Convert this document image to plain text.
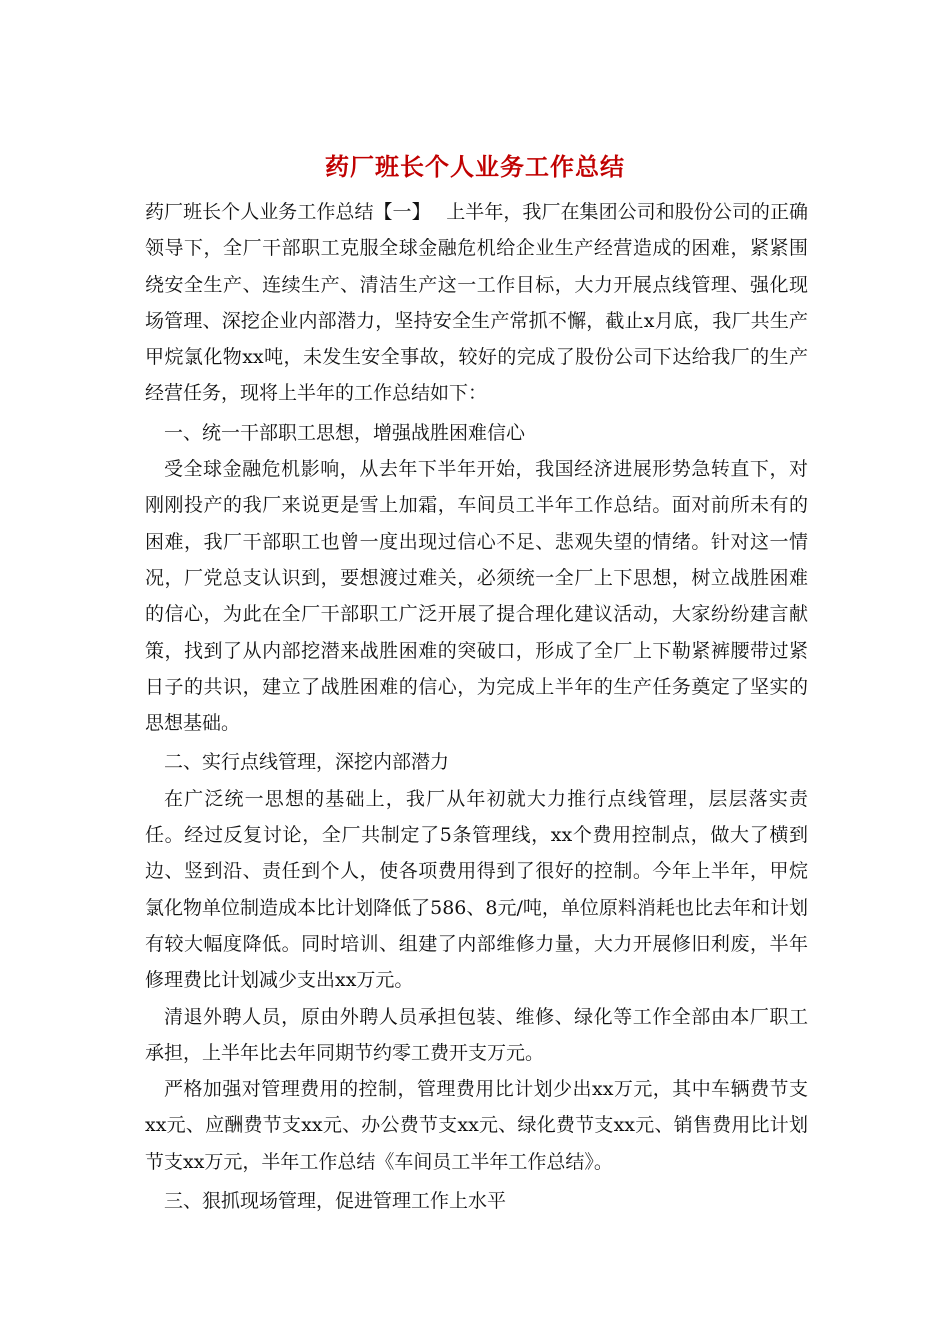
药厂班长个人业务工作总结

药厂班长个人业务工作总结【一】　 上半年，我厂在集团公司和股份公司的正确领导下，全厂干部职工克服全球金融危机给企业生产经营造成的困难，紧紧围绕安全生产、连续生产、清洁生产这一工作目标，大力开展点线管理、强化现场管理、深挖企业内部潜力，坚持安全生产常抓不懈，截止x月底，我厂共生产甲烷氯化物xx吨，未发生安全事故，较好的完成了股份公司下达给我厂的生产经营任务，现将上半年的工作总结如下：

一、统一干部职工思想，增强战胜困难信心

受全球金融危机影响，从去年下半年开始，我国经济进展形势急转直下，对刚刚投产的我厂来说更是雪上加霜，车间员工半年工作总结。面对前所未有的困难，我厂干部职工也曾一度出现过信心不足、悲观失望的情绪。针对这一情况，厂党总支认识到，要想渡过难关，必须统一全厂上下思想，树立战胜困难的信心，为此在全厂干部职工广泛开展了提合理化建议活动，大家纷纷建言献策，找到了从内部挖潜来战胜困难的突破口，形成了全厂上下勒紧裤腰带过紧日子的共识，建立了战胜困难的信心，为完成上半年的生产任务奠定了坚实的思想基础。

二、实行点线管理，深挖内部潜力

在广泛统一思想的基础上，我厂从年初就大力推行点线管理，层层落实责任。经过反复讨论，全厂共制定了5条管理线，xx个费用控制点，做大了横到边、竖到沿、责任到个人，使各项费用得到了很好的控制。今年上半年，甲烷氯化物单位制造成本比计划降低了586、8元/吨，单位原料消耗也比去年和计划有较大幅度降低。同时培训、组建了内部维修力量，大力开展修旧利废，半年修理费比计划减少支出xx万元。

清退外聘人员，原由外聘人员承担包装、维修、绿化等工作全部由本厂职工承担，上半年比去年同期节约零工费开支万元。

严格加强对管理费用的控制，管理费用比计划少出xx万元，其中车辆费节支xx元、应酬费节支xx元、办公费节支xx元、绿化费节支xx元、销售费用比计划节支xx万元，半年工作总结《车间员工半年工作总结》。

三、狠抓现场管理，促进管理工作上水平
